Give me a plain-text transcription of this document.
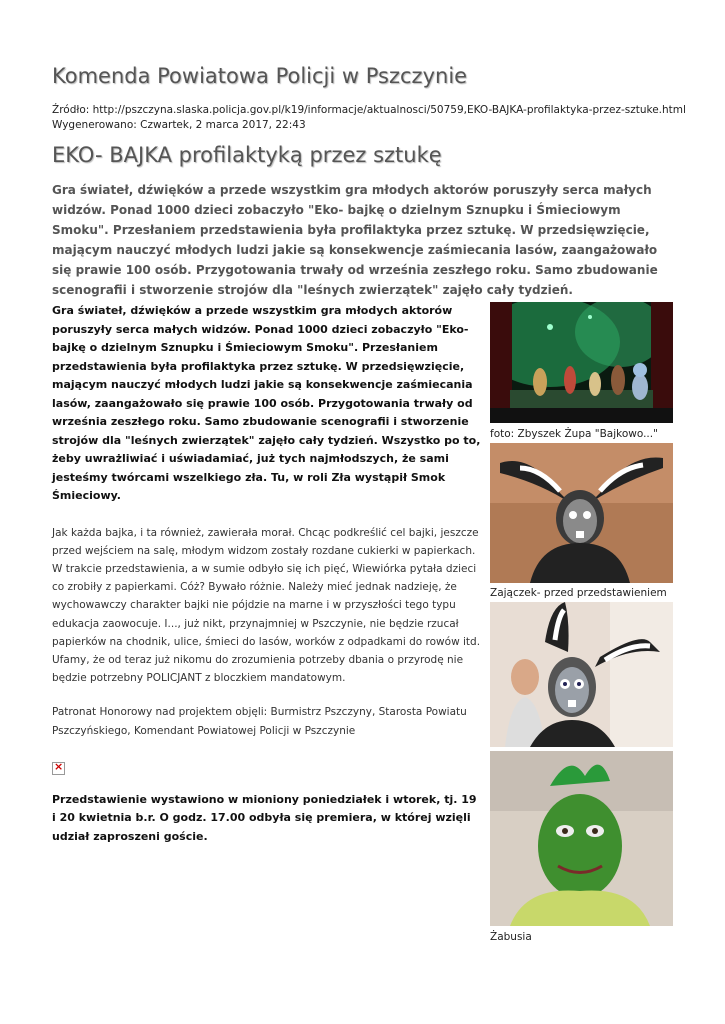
Komenda Powiatowa Policji w Pszczynie
Źródło: http://pszczyna.slaska.policja.gov.pl/k19/informacje/aktualnosci/50759,EKO-BAJKA-profilaktyka-przez-sztuke.html
Wygenerowano: Czwartek, 2 marca 2017, 22:43
EKO- BAJKA profilaktyką przez sztukę

Gra świateł, dźwięków a przede wszystkim gra młodych aktorów poruszyły serca małych widzów. Ponad 1000 dzieci zobaczyło "Eko- bajkę o dzielnym Sznupku i Śmieciowym Smoku". Przesłaniem przedstawienia była profilaktyka przez sztukę. W przedsięwzięcie, mającym nauczyć młodych ludzi jakie są konsekwencje zaśmiecania lasów, zaangażowało się prawie 100 osób. Przygotowania trwały od września zeszłego roku. Samo zbudowanie scenografii i stworzenie strojów dla "leśnych zwierzątek" zajęło cały tydzień.

Gra świateł, dźwięków a przede wszystkim gra młodych aktorów poruszyły serca małych widzów. Ponad 1000 dzieci zobaczyło "Eko- bajkę o dzielnym Sznupku i Śmieciowym Smoku". Przesłaniem przedstawienia była profilaktyka przez sztukę. W przedsięwzięcie, mającym nauczyć młodych ludzi jakie są konsekwencje zaśmiecania lasów, zaangażowało się prawie 100 osób. Przygotowania trwały od września zeszłego roku. Samo zbudowanie scenografii i stworzenie strojów dla "leśnych zwierzątek" zajęło cały tydzień. Wszystko po to, żeby uwrażliwiać i uświadamiać, już tych najmłodszych, że sami jesteśmy twórcami wszelkiego zła. Tu, w roli Zła wystąpił Smok Śmieciowy.

Jak każda bajka, i ta również, zawierała morał. Chcąc podkreślić cel bajki, jeszcze przed wejściem na salę, młodym widzom zostały rozdane cukierki w papierkach. W trakcie przedstawienia, a w sumie odbyło się ich pięć, Wiewiórka pytała dzieci co zrobiły z papierkami. Cóż? Bywało różnie. Należy mieć jednak nadzieję, że wychowawczy charakter bajki nie pójdzie na marne i w przyszłości tego typu edukacja zaowocuje. I..., już nikt, przynajmniej w Pszczynie, nie będzie rzucał papierków na chodnik, ulice, śmieci do lasów, worków z odpadkami do rowów itd. Ufamy, że od teraz już nikomu do zrozumienia potrzeby dbania o przyrodę nie będzie potrzebny POLICJANT z bloczkiem mandatowym.

Patronat Honorowy nad projektem objęli: Burmistrz Pszczyny, Starosta Powiatu Pszczyńskiego, Komendant Powiatowej Policji w Pszczynie

×

Przedstawienie wystawiono w mioniony poniedziałek i wtorek, tj. 19 i 20 kwietnia b.r. O godz. 17.00 odbyła się premiera, w której wzięli udział zaproszeni goście.

foto: Zbyszek Żupa "Bajkowo..."
Zajączek- przed przedstawieniem
Żabusia
